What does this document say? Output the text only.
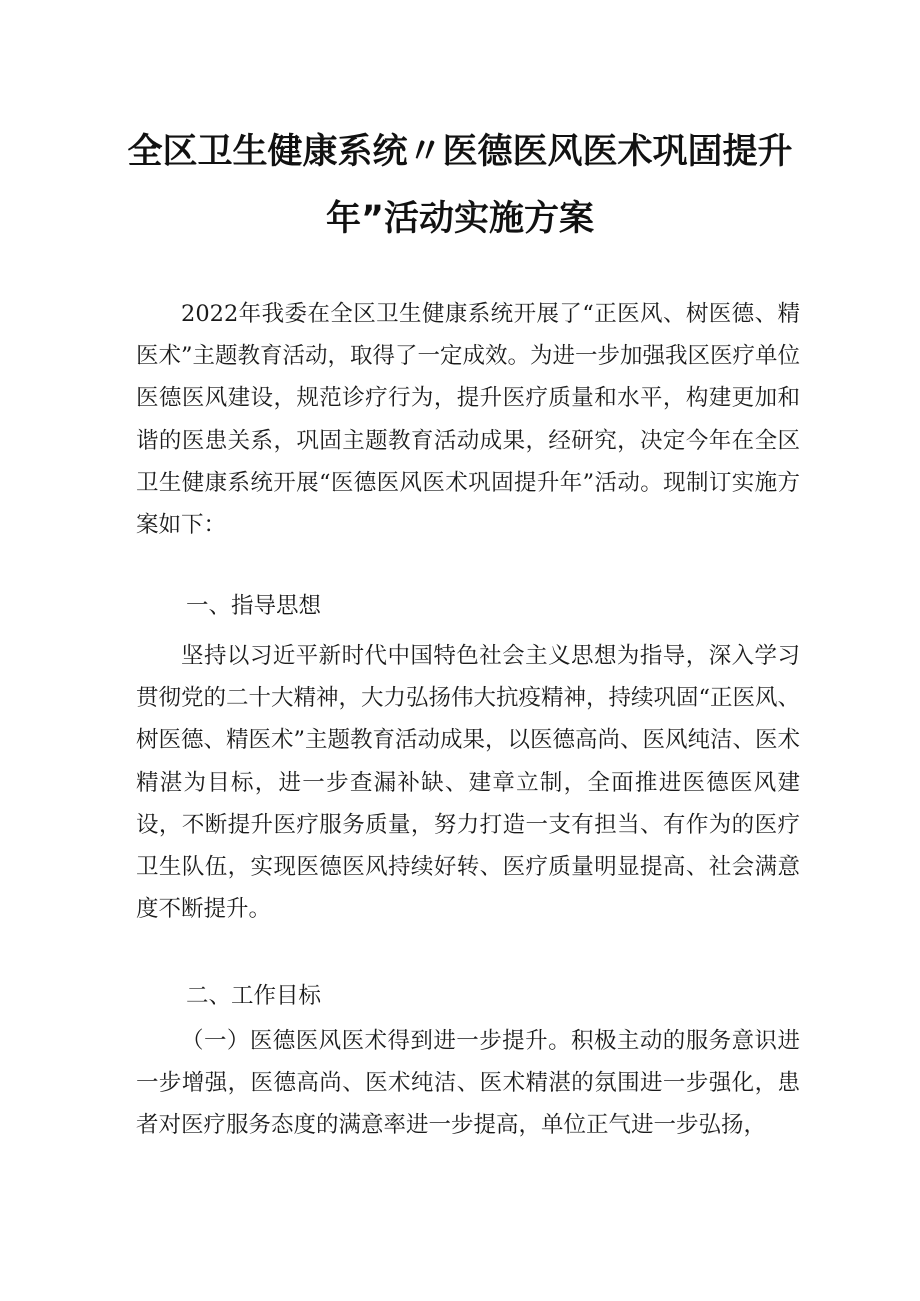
全区卫生健康系统〃医德医风医术巩固提升
年”活动实施方案
2022年我委在全区卫生健康系统开展了“正医风、树医德、精医术”主题教育活动，取得了一定成效。为进一步加强我区医疗单位医德医风建设，规范诊疗行为，提升医疗质量和水平，构建更加和谐的医患关系，巩固主题教育活动成果，经研究，决定今年在全区卫生健康系统开展“医德医风医术巩固提升年”活动。现制订实施方案如下：
一、指导思想
坚持以习近平新时代中国特色社会主义思想为指导，深入学习贯彻党的二十大精神，大力弘扬伟大抗疫精神，持续巩固“正医风、树医德、精医术”主题教育活动成果，以医德高尚、医风纯洁、医术精湛为目标，进一步查漏补缺、建章立制，全面推进医德医风建设，不断提升医疗服务质量，努力打造一支有担当、有作为的医疗卫生队伍，实现医德医风持续好转、医疗质量明显提高、社会满意度不断提升。
二、工作目标
（一）医德医风医术得到进一步提升。积极主动的服务意识进一步增强，医德高尚、医术纯洁、医术精湛的氛围进一步强化，患者对医疗服务态度的满意率进一步提高，单位正气进一步弘扬，
